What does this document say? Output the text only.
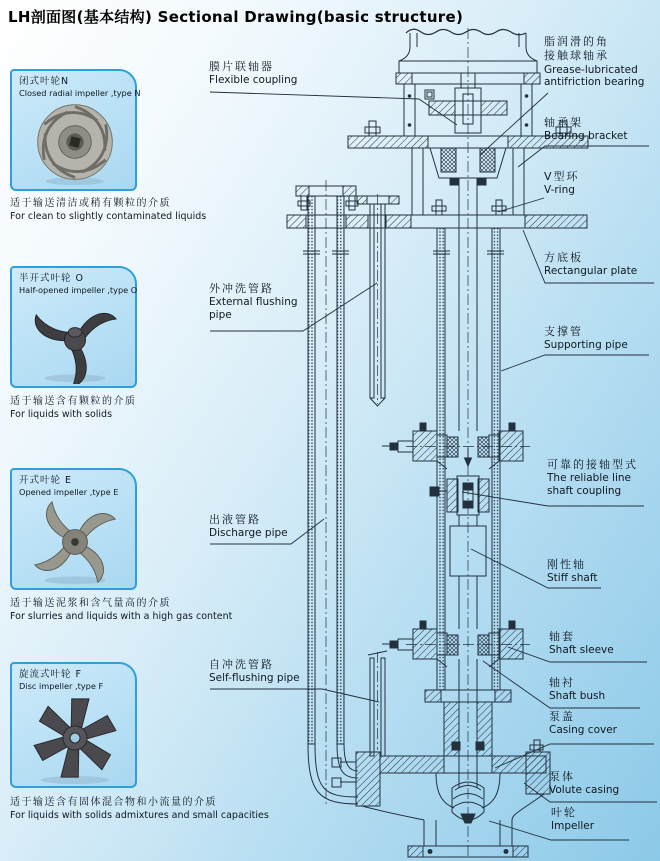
LH剖面图(基本结构) Sectional Drawing(basic structure)
闭式叶轮N
Closed radial impeller ,type N
适于输送清洁或稍有颗粒的介质
For clean to slightly contaminated liquids
半开式叶轮 O
Half-opened impeller ,type O
适于输送含有颗粒的介质
For liquids with solids
开式叶轮 E
Opened impeller ,type E
适于输送泥浆和含气量高的介质
For slurries and liquids with a high gas content
旋流式叶轮 F
Disc impeller ,type F
适于输送含有固体混合物和小流量的介质
For liquids with solids admixtures and small capacities
膜片联轴器
Flexible coupling
外冲洗管路
External flushing pipe
出液管路
Discharge pipe
自冲洗管路
Self-flushing pipe
脂润滑的角接触球轴承
Grease-lubricated antifriction bearing
轴承架
Bearing bracket
V型环
V-ring
方底板
Rectangular plate
支撑管
Supporting pipe
可靠的接轴型式
The reliable line shaft coupling
刚性轴
Stiff shaft
轴套
Shaft sleeve
轴衬
Shaft bush
泵盖
Casing cover
泵体
Volute casing
叶轮
Impeller
